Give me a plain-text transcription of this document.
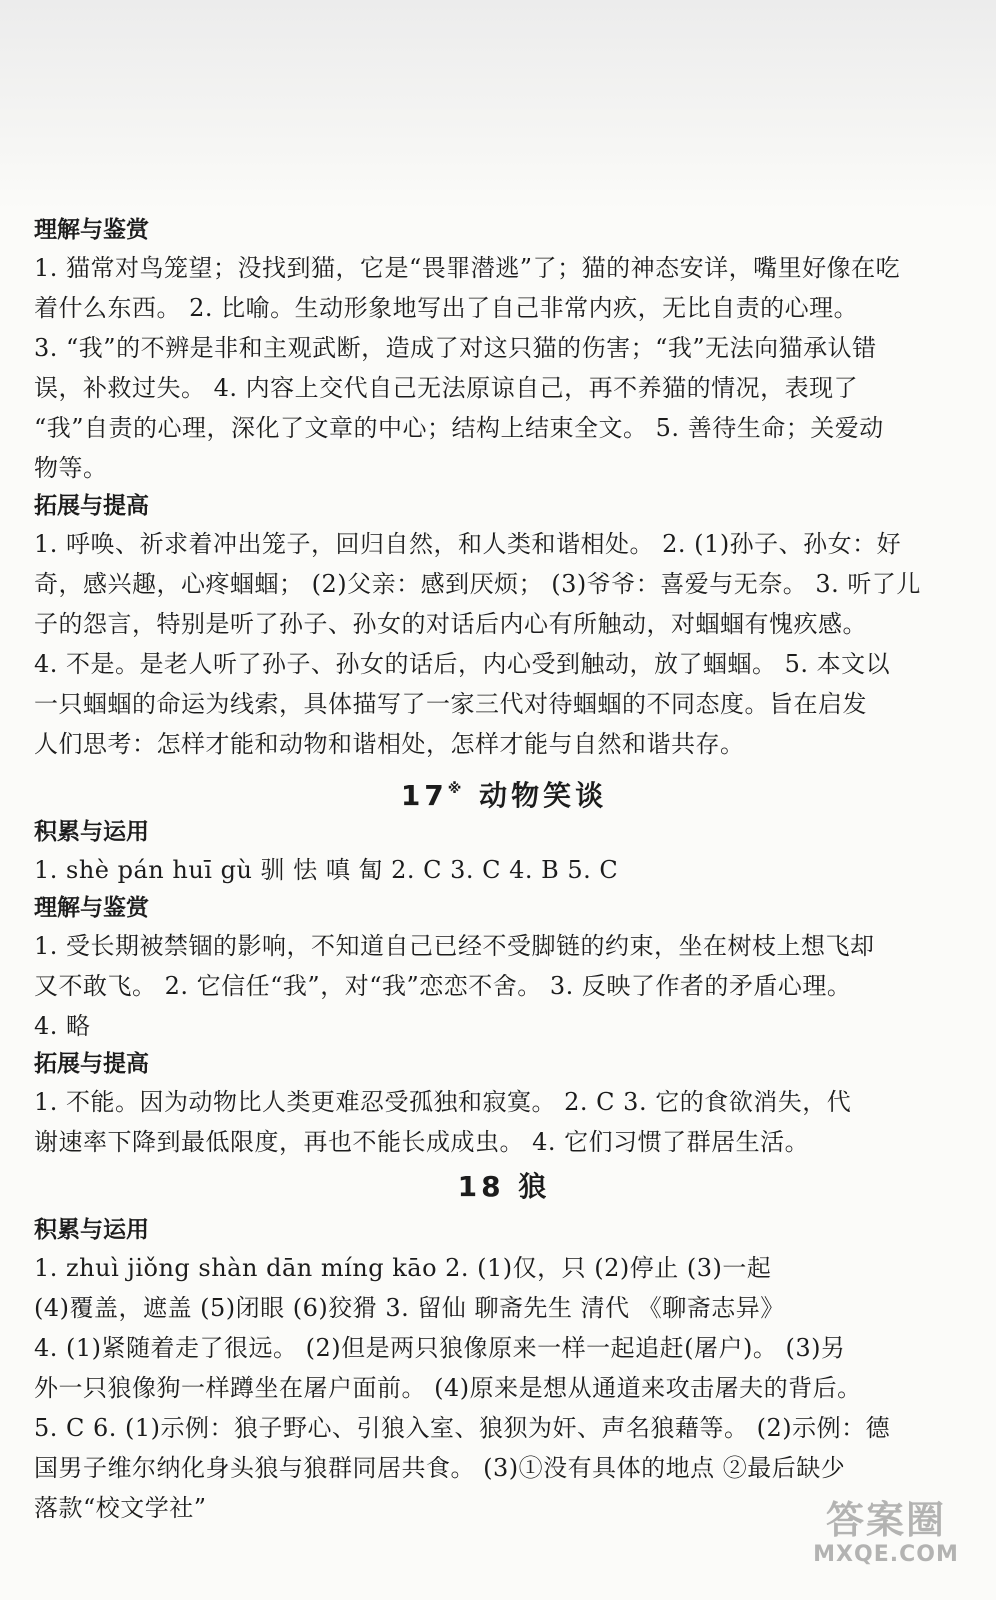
理解与鉴赏
1. 猫常对鸟笼望；没找到猫，它是“畏罪潜逃”了；猫的神态安详，嘴里好像在吃
着什么东西。 2. 比喻。生动形象地写出了自己非常内疚，无比自责的心理。
3. “我”的不辨是非和主观武断，造成了对这只猫的伤害；“我”无法向猫承认错
误，补救过失。 4. 内容上交代自己无法原谅自己，再不养猫的情况，表现了
“我”自责的心理，深化了文章的中心；结构上结束全文。 5. 善待生命；关爱动
物等。
拓展与提高
1. 呼唤、祈求着冲出笼子，回归自然，和人类和谐相处。 2. (1)孙子、孙女：好
奇，感兴趣，心疼蝈蝈； (2)父亲：感到厌烦； (3)爷爷：喜爱与无奈。 3. 听了儿
子的怨言，特别是听了孙子、孙女的对话后内心有所触动，对蝈蝈有愧疚感。
4. 不是。是老人听了孙子、孙女的话后，内心受到触动，放了蝈蝈。 5. 本文以
一只蝈蝈的命运为线索，具体描写了一家三代对待蝈蝈的不同态度。旨在启发
人们思考：怎样才能和动物和谐相处，怎样才能与自然和谐共存。
17※ 动物笑谈
积累与运用
1. shè pán huī gù 驯 怯 嗔 匐 2. C 3. C 4. B 5. C
理解与鉴赏
1. 受长期被禁锢的影响，不知道自己已经不受脚链的约束，坐在树枝上想飞却
又不敢飞。 2. 它信任“我”，对“我”恋恋不舍。 3. 反映了作者的矛盾心理。
4. 略
拓展与提高
1. 不能。因为动物比人类更难忍受孤独和寂寞。 2. C 3. 它的食欲消失，代
谢速率下降到最低限度，再也不能长成成虫。 4. 它们习惯了群居生活。
18 狼
积累与运用
1. zhuì jiǒng shàn dān míng kāo 2. (1)仅，只 (2)停止 (3)一起
(4)覆盖，遮盖 (5)闭眼 (6)狡猾 3. 留仙 聊斋先生 清代 《聊斋志异》
4. (1)紧随着走了很远。 (2)但是两只狼像原来一样一起追赶(屠户)。 (3)另
外一只狼像狗一样蹲坐在屠户面前。 (4)原来是想从通道来攻击屠夫的背后。
5. C 6. (1)示例：狼子野心、引狼入室、狼狈为奸、声名狼藉等。 (2)示例：德
国男子维尔纳化身头狼与狼群同居共食。 (3)①没有具体的地点 ②最后缺少
落款“校文学社”	答案圈
MXQE.COM
